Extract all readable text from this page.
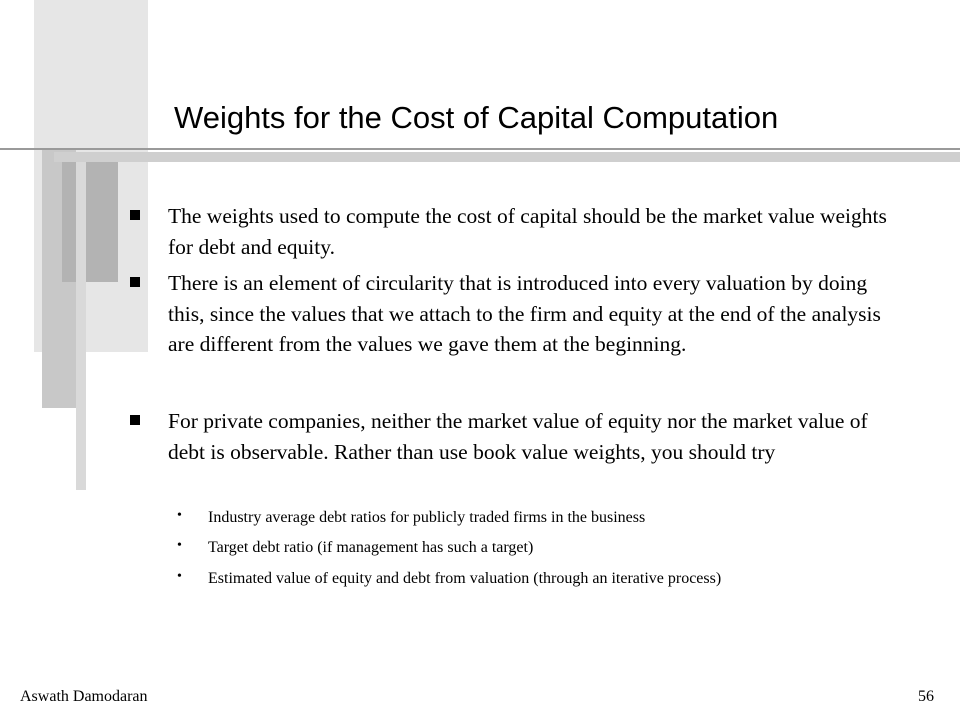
Weights for the Cost of Capital Computation
The weights used to compute the cost of capital should be the market value weights for debt and equity.
There is an element of circularity that is introduced into every valuation by doing this, since the values that we attach to the firm and equity at the end of the analysis are different from the values we gave them at the beginning.
For private companies, neither the market value of equity nor the market value of debt is observable. Rather than use book value weights, you should try
• Industry average debt ratios for publicly traded firms in the business
• Target debt ratio (if management has such a target)
• Estimated value of equity and debt from valuation (through an iterative process)
Aswath Damodaran	56
